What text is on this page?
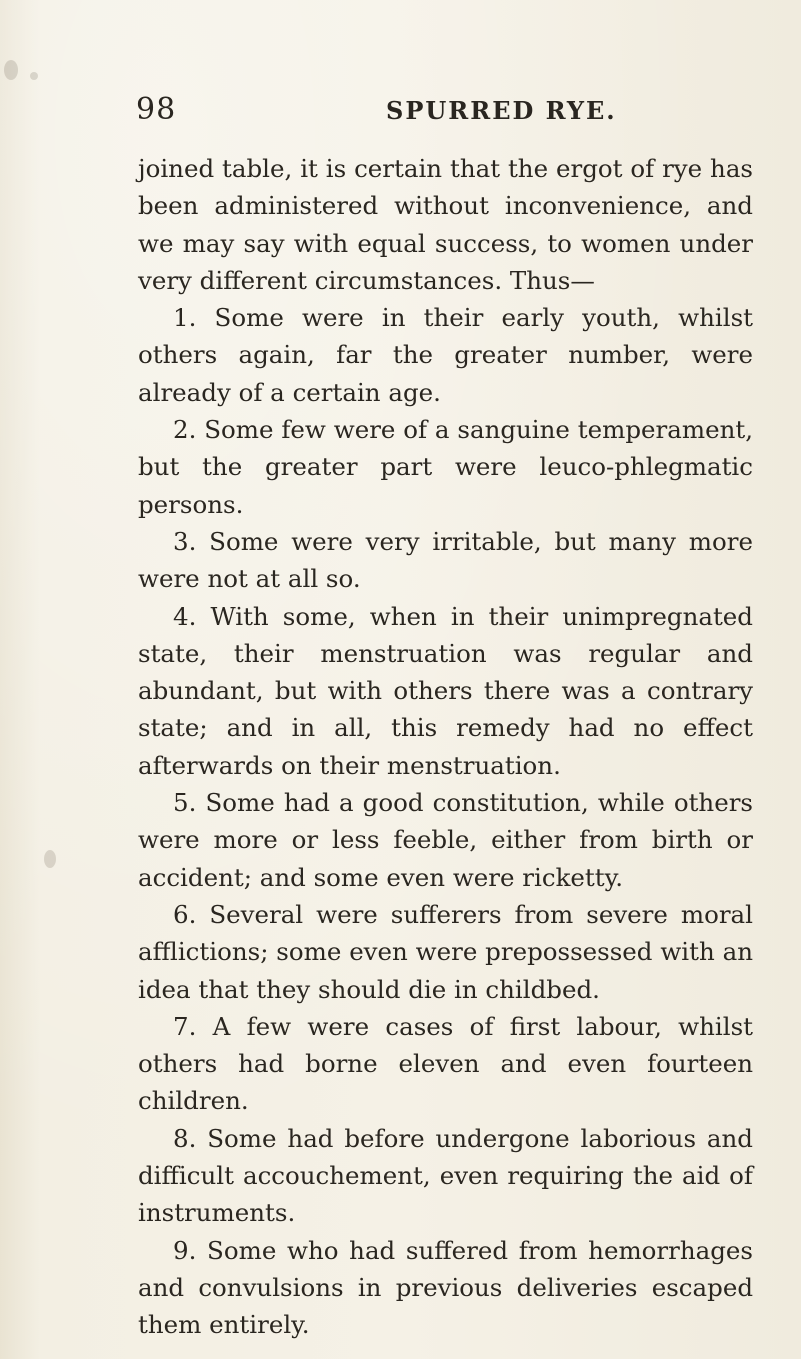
98	SPURRED RYE.

joined table, it is certain that the ergot of rye has been administered without inconvenience, and we may say with equal success, to women under very different circumstances. Thus—

1. Some were in their early youth, whilst others again, far the greater number, were already of a certain age.

2. Some few were of a sanguine temperament, but the greater part were leuco-phlegmatic persons.

3. Some were very irritable, but many more were not at all so.

4. With some, when in their unimpregnated state, their menstruation was regular and abundant, but with others there was a contrary state; and in all, this remedy had no effect afterwards on their menstruation.

5. Some had a good constitution, while others were more or less feeble, either from birth or accident; and some even were ricketty.

6. Several were sufferers from severe moral afflictions; some even were prepossessed with an idea that they should die in childbed.

7. A few were cases of first labour, whilst others had borne eleven and even fourteen children.

8. Some had before undergone laborious and difficult accouchement, even requiring the aid of instruments.

9. Some who had suffered from hemorrhages and convulsions in previous deliveries escaped them entirely.
